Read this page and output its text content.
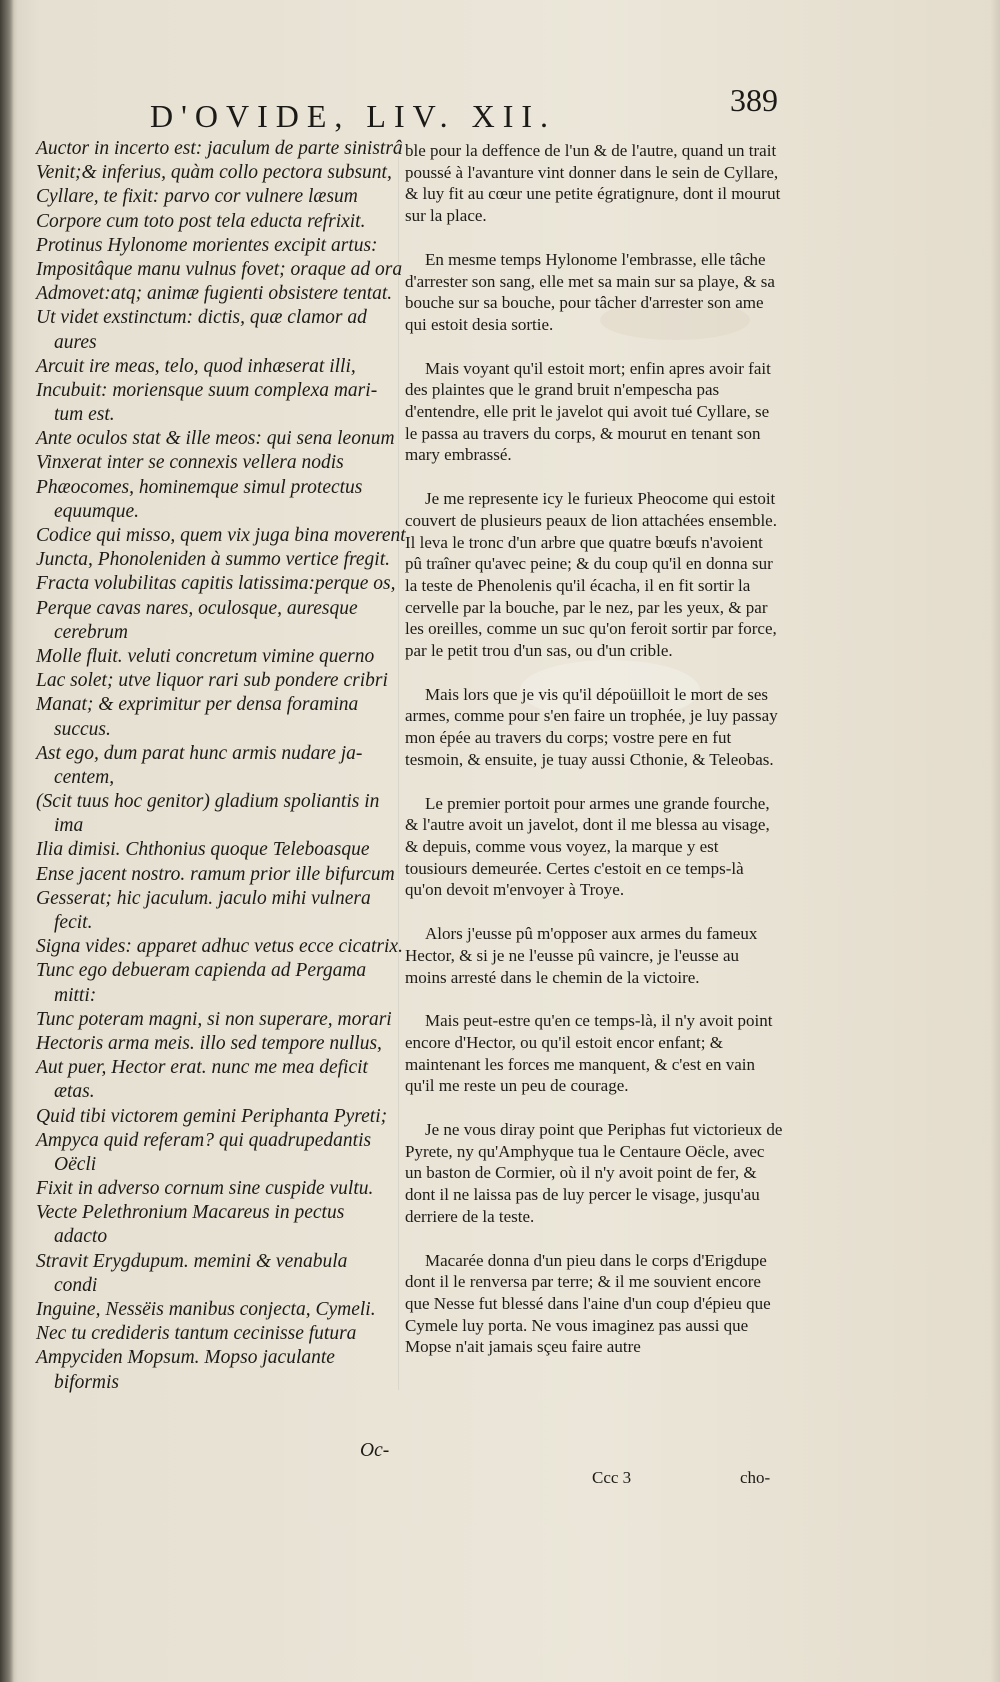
D'OVIDE, LIV. XII.	389
Auctor in incerto est: jaculum de parte sinistrâ
Venit;& inferius, quàm collo pectora subsunt,
Cyllare, te fixit: parvo cor vulnere læsum
Corpore cum toto post tela educta refrixit.
Protinus Hylonome morientes excipit artus:
Impositâque manu vulnus fovet; oraque ad ora
Admovet:atq; animæ fugienti obsistere tentat.
Ut videt exstinctum: dictis, quæ clamor ad
aures
Arcuit ire meas, telo, quod inhæserat illi,
Incubuit: moriensque suum complexa mari-
tum est.
Ante oculos stat & ille meos: qui sena leonum
Vinxerat inter se connexis vellera nodis
Phæocomes, hominemque simul protectus
equumque.
Codice qui misso, quem vix juga bina moverent
Juncta, Phonoleniden à summo vertice fregit.
Fracta volubilitas capitis latissima:perque os,
Perque cavas nares, oculosque, auresque
cerebrum
Molle fluit. veluti concretum vimine querno
Lac solet; utve liquor rari sub pondere cribri
Manat; & exprimitur per densa foramina
succus.
Ast ego, dum parat hunc armis nudare ja-
centem,
(Scit tuus hoc genitor) gladium spoliantis in
ima
Ilia dimisi. Chthonius quoque Teleboasque
Ense jacent nostro. ramum prior ille bifurcum
Gesserat; hic jaculum. jaculo mihi vulnera
fecit.
Signa vides: apparet adhuc vetus ecce cicatrix.
Tunc ego debueram capienda ad Pergama
mitti:
Tunc poteram magni, si non superare, morari
Hectoris arma meis. illo sed tempore nullus,
Aut puer, Hector erat. nunc me mea deficit
ætas.
Quid tibi victorem gemini Periphanta Pyreti;
Ampyca quid referam? qui quadrupedantis
Oëcli
Fixit in adverso cornum sine cuspide vultu.
Vecte Pelethronium Macareus in pectus
adacto
Stravit Erygdupum. memini & venabula
condi
Inguine, Nessëis manibus conjecta, Cymeli.
Nec tu credideris tantum cecinisse futura
Ampyciden Mopsum. Mopso jaculante
biformis
Oc-

ble pour la deffence de l'un & de l'autre, quand un trait poussé à l'avanture vint donner dans le sein de Cyllare, & luy fit au cœur une petite égratignure, dont il mourut sur la place.

En mesme temps Hylonome l'embrasse, elle tâche d'arrester son sang, elle met sa main sur sa playe, & sa bouche sur sa bouche, pour tâcher d'arrester son ame qui estoit desia sortie.

Mais voyant qu'il estoit mort; enfin apres avoir fait des plaintes que le grand bruit n'empescha pas d'entendre, elle prit le javelot qui avoit tué Cyllare, se le passa au travers du corps, & mourut en tenant son mary embrassé.

Je me represente icy le furieux Pheocome qui estoit couvert de plusieurs peaux de lion attachées ensemble. Il leva le tronc d'un arbre que quatre bœufs n'avoient pû traîner qu'avec peine; & du coup qu'il en donna sur la teste de Phenolenis qu'il écacha, il en fit sortir la cervelle par la bouche, par le nez, par les yeux, & par les oreilles, comme un suc qu'on feroit sortir par force, par le petit trou d'un sas, ou d'un crible.

Mais lors que je vis qu'il dépoüilloit le mort de ses armes, comme pour s'en faire un trophée, je luy passay mon épée au travers du corps; vostre pere en fut tesmoin, & ensuite, je tuay aussi Cthonie, & Teleobas.

Le premier portoit pour armes une grande fourche, & l'autre avoit un javelot, dont il me blessa au visage, & depuis, comme vous voyez, la marque y est tousiours demeurée. Certes c'estoit en ce temps-là qu'on devoit m'envoyer à Troye.

Alors j'eusse pû m'opposer aux armes du fameux Hector, & si je ne l'eusse pû vaincre, je l'eusse au moins arresté dans le chemin de la victoire.

Mais peut-estre qu'en ce temps-là, il n'y avoit point encore d'Hector, ou qu'il estoit encor enfant; & maintenant les forces me manquent, & c'est en vain qu'il me reste un peu de courage.

Je ne vous diray point que Periphas fut victorieux de Pyrete, ny qu'Amphyque tua le Centaure Oëcle, avec un baston de Cormier, où il n'y avoit point de fer, & dont il ne laissa pas de luy percer le visage, jusqu'au derriere de la teste.

Macarée donna d'un pieu dans le corps d'Erigdupe dont il le renversa par terre; & il me souvient encore que Nesse fut blessé dans l'aine d'un coup d'épieu que Cymele luy porta. Ne vous imaginez pas aussi que Mopse n'ait jamais sçeu faire autre

Ccc 3	cho-
